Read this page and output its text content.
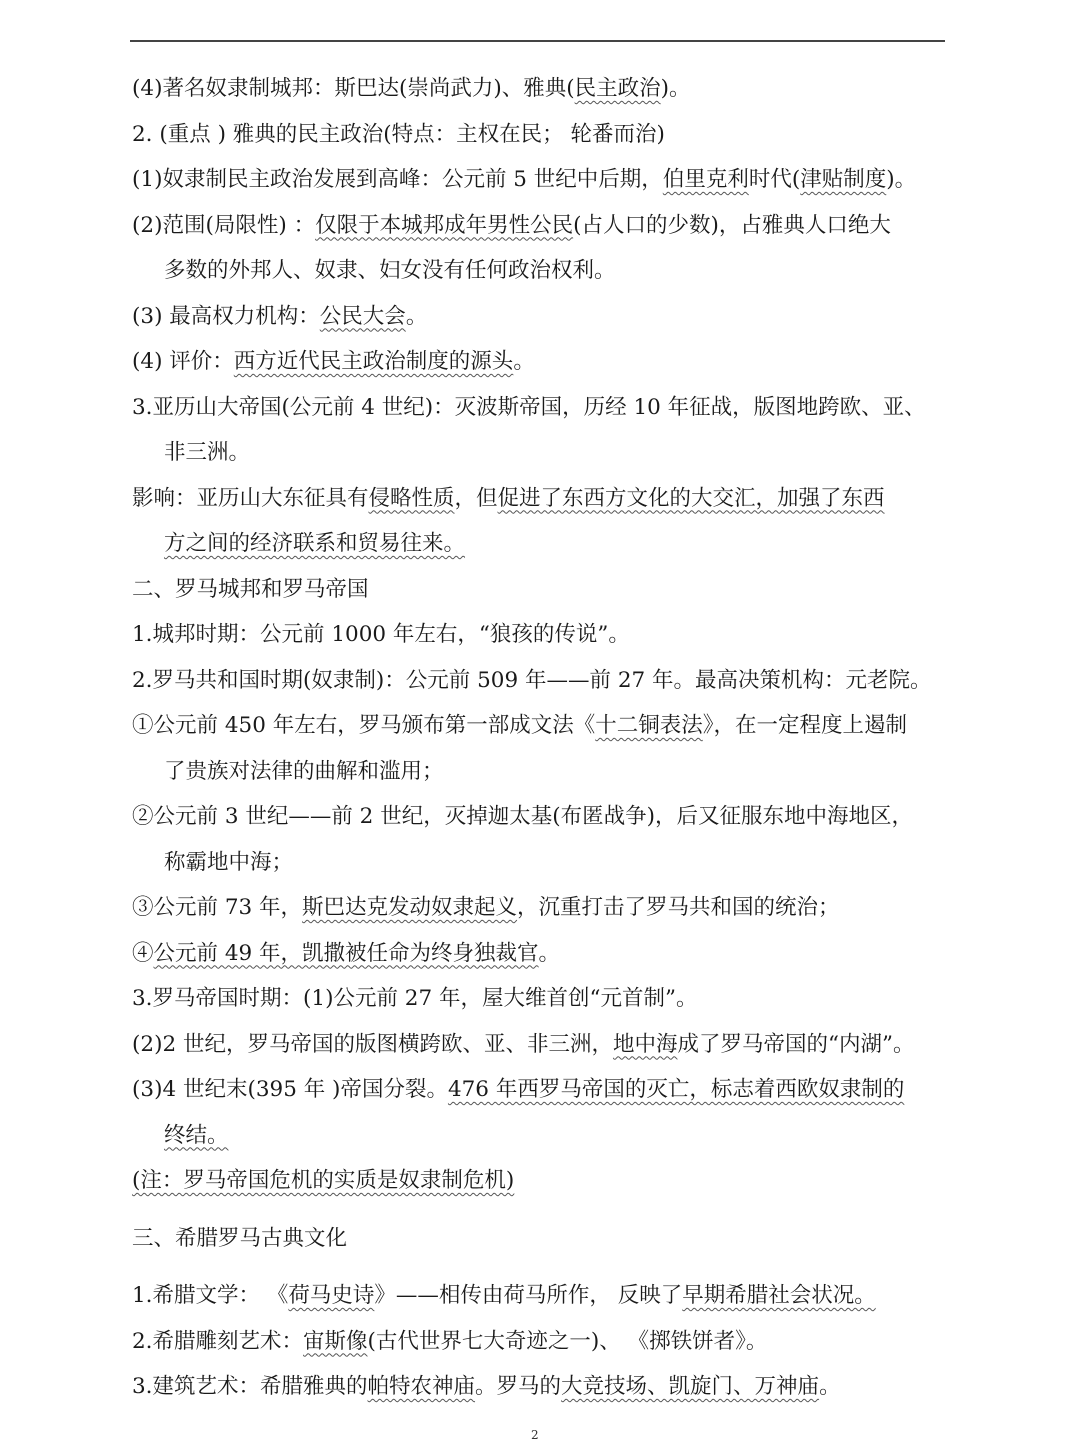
(4)著名奴隶制城邦：斯巴达(崇尚武力)、雅典(民主政治)。
2. (重点 ) 雅典的民主政治(特点：主权在民； 轮番而治)
(1)奴隶制民主政治发展到高峰：公元前 5 世纪中后期，伯里克利时代(津贴制度)。
(2)范围(局限性) ：仅限于本城邦成年男性公民(占人口的少数)，占雅典人口绝大
多数的外邦人、奴隶、妇女没有任何政治权利。
(3) 最高权力机构：公民大会。
(4) 评价：西方近代民主政治制度的源头。
3.亚历山大帝国(公元前 4 世纪)：灭波斯帝国，历经 10 年征战，版图地跨欧、亚、
非三洲。
影响：亚历山大东征具有侵略性质，但促进了东西方文化的大交汇，加强了东西
方之间的经济联系和贸易往来。
二、罗马城邦和罗马帝国
1.城邦时期：公元前 1000 年左右，“狼孩的传说”。
2.罗马共和国时期(奴隶制)：公元前 509 年——前 27 年。最高决策机构：元老院。
①公元前 450 年左右，罗马颁布第一部成文法《十二铜表法》，在一定程度上遏制
了贵族对法律的曲解和滥用；
②公元前 3 世纪——前 2 世纪，灭掉迦太基(布匿战争)，后又征服东地中海地区，
称霸地中海；
③公元前 73 年，斯巴达克发动奴隶起义，沉重打击了罗马共和国的统治；
④公元前 49 年，凯撒被任命为终身独裁官。
3.罗马帝国时期：(1)公元前 27 年，屋大维首创“元首制”。
(2)2 世纪，罗马帝国的版图横跨欧、亚、非三洲，地中海成了罗马帝国的“内湖”。
(3)4 世纪末(395 年 )帝国分裂。476 年西罗马帝国的灭亡，标志着西欧奴隶制的
终结。
(注：罗马帝国危机的实质是奴隶制危机)
三、希腊罗马古典文化
1.希腊文学： 《荷马史诗》——相传由荷马所作， 反映了早期希腊社会状况。
2.希腊雕刻艺术：宙斯像(古代世界七大奇迹之一)、 《掷铁饼者》。
3.建筑艺术：希腊雅典的帕特农神庙。罗马的大竞技场、凯旋门、万神庙。
2
